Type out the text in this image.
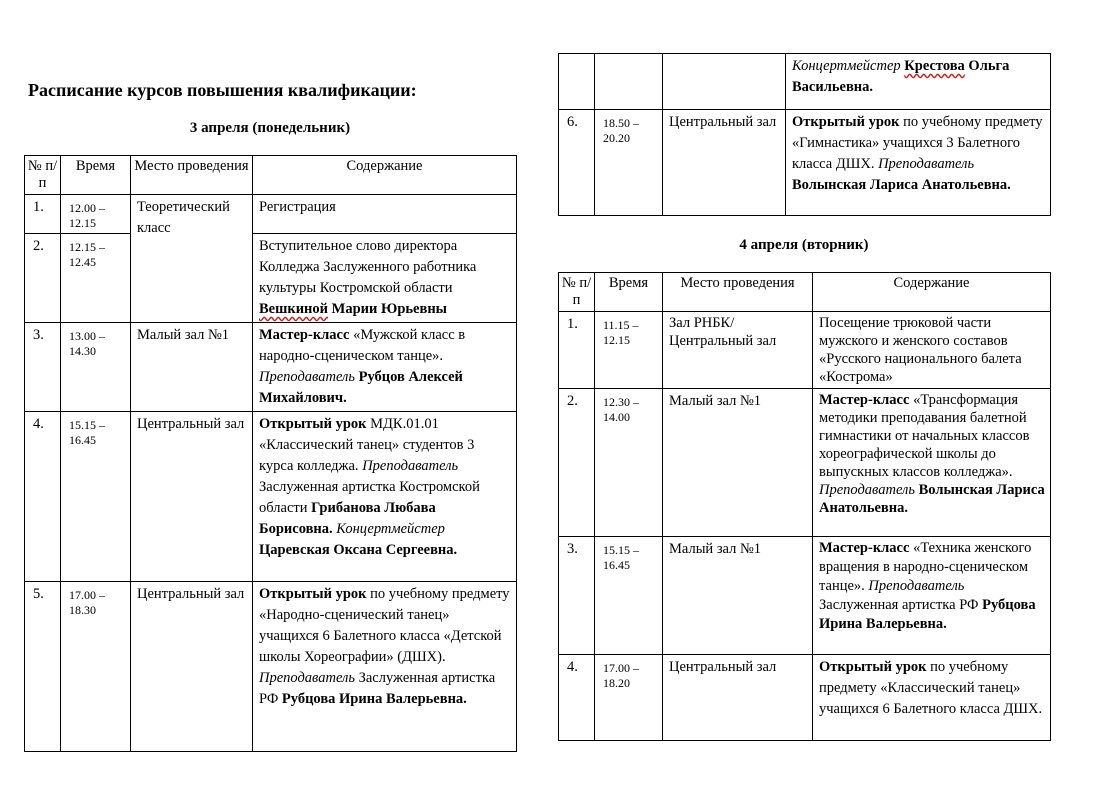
Расписание курсов повышения квалификации:
3 апреля (понедельник)
№ п/п	Время	Место проведения	Содержание
1.	12.00 – 12.15	Теоретический класс	Регистрация
2.	12.15 – 12.45		Вступительное слово директора Колледжа Заслуженного работника культуры Костромской области Вешкиной Марии Юрьевны
3.	13.00 – 14.30	Малый зал №1	Мастер-класс «Мужской класс в народно-сценическом танце». Преподаватель Рубцов Алексей Михайлович.
4.	15.15 – 16.45	Центральный зал	Открытый урок МДК.01.01 «Классический танец» студентов 3 курса колледжа. Преподаватель Заслуженная артистка Костромской области Грибанова Любава Борисовна. Концертмейстер Царевская Оксана Сергеевна.
5.	17.00 – 18.30	Центральный зал	Открытый урок по учебному предмету «Народно-сценический танец» учащихся 6 Балетного класса «Детской школы Хореографии» (ДШХ). Преподаватель Заслуженная артистка РФ Рубцова Ирина Валерьевна.
			Концертмейстер Крестова Ольга Васильевна.
6.	18.50 – 20.20	Центральный зал	Открытый урок по учебному предмету «Гимнастика» учащихся 3 Балетного класса ДШХ. Преподаватель Волынская Лариса Анатольевна.
4 апреля (вторник)
№ п/п	Время	Место проведения	Содержание
1.	11.15 – 12.15	Зал РНБК/Центральный зал	Посещение трюковой части мужского и женского составов «Русского национального балета «Кострома»
2.	12.30 – 14.00	Малый зал №1	Мастер-класс «Трансформация методики преподавания балетной гимнастики от начальных классов хореографической школы до выпускных классов колледжа». Преподаватель Волынская Лариса Анатольевна.
3.	15.15 – 16.45	Малый зал №1	Мастер-класс «Техника женского вращения в народно-сценическом танце». Преподаватель Заслуженная артистка РФ Рубцова Ирина Валерьевна.
4.	17.00 – 18.20	Центральный зал	Открытый урок по учебному предмету «Классический танец» учащихся 6 Балетного класса ДШХ.
